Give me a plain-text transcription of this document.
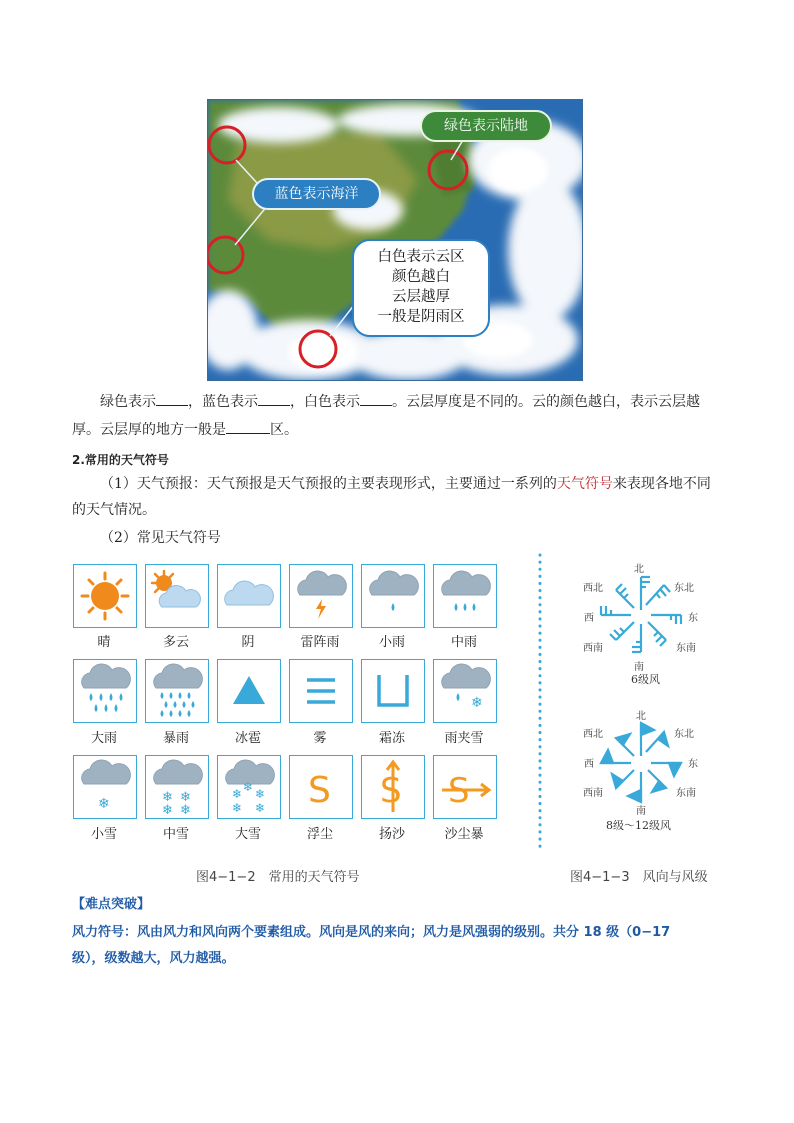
绿色表示陆地
蓝色表示海洋
白色表示云区
颜色越白
云层越厚
一般是阴雨区
绿色表示 ，蓝色表示 ，白色表示 。云层厚度是不同的。云的颜色越白，表示云层越
厚。云层厚的地方一般是	区。
2.常用的天气符号
（1）天气预报：天气预报是天气预报的主要表现形式，主要通过一系列的天气符号来表现各地不同
的天气情况。
（2）常见天气符号
❄
❄	❄ ❄
❄ ❄
❄ ❄ ❄
❄ ❄ S S S
晴	多云	阴	雷阵雨	小雨	中雨
大雨	暴雨	冰雹	雾	霜冻	雨夹雪
小雪	中雪	大雪	浮尘	扬沙	沙尘暴
北
东北
东
东南
南
西南
西
西北
6级风
北
东北
东
东南
南
西南
西
西北
8级～12级风
图4−1−2　常用的天气符号	图4−1−3　风向与风级
【难点突破】
风力符号：风由风力和风向两个要素组成。风向是风的来向；风力是风强弱的级别。共分 18 级（0−17
级），级数越大，风力越强。
